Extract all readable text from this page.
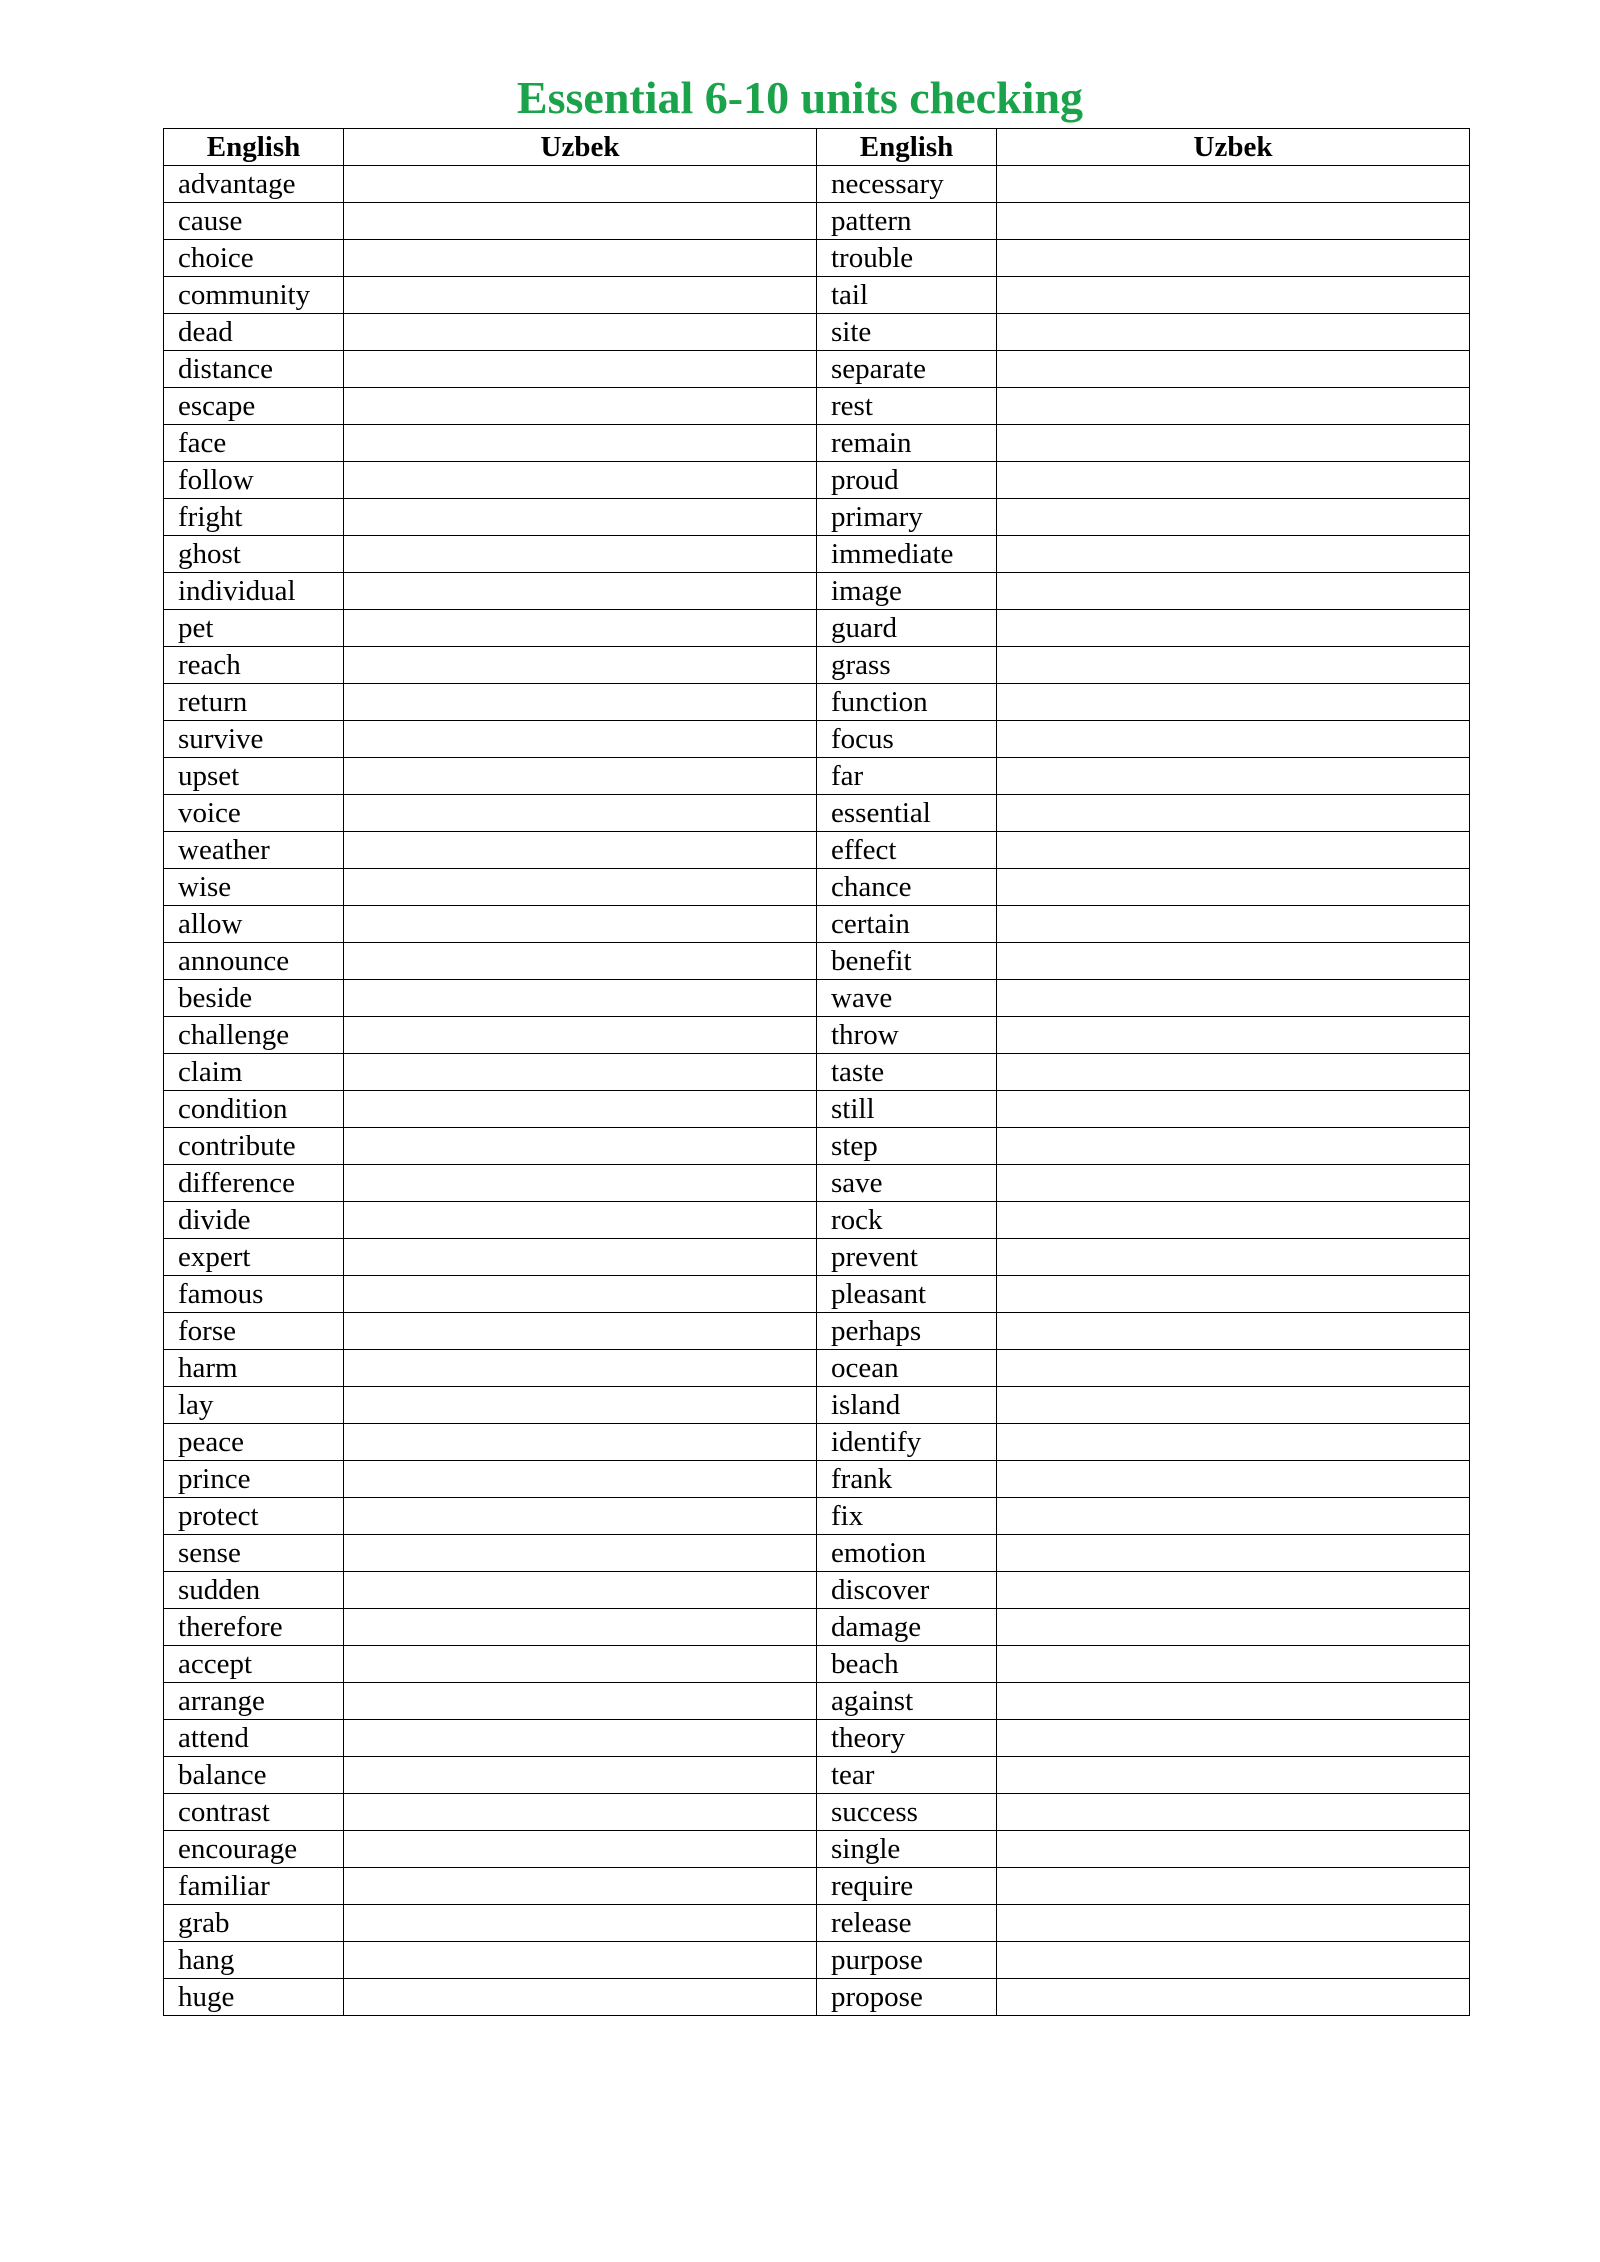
Essential 6-10 units checking
English	Uzbek	English	Uzbek
advantage		necessary	
cause		pattern	
choice		trouble	
community		tail	
dead		site	
distance		separate	
escape		rest	
face		remain	
follow		proud	
fright		primary	
ghost		immediate	
individual		image	
pet		guard	
reach		grass	
return		function	
survive		focus	
upset		far	
voice		essential	
weather		effect	
wise		chance	
allow		certain	
announce		benefit	
beside		wave	
challenge		throw	
claim		taste	
condition		still	
contribute		step	
difference		save	
divide		rock	
expert		prevent	
famous		pleasant	
forse		perhaps	
harm		ocean	
lay		island	
peace		identify	
prince		frank	
protect		fix	
sense		emotion	
sudden		discover	
therefore		damage	
accept		beach	
arrange		against	
attend		theory	
balance		tear	
contrast		success	
encourage		single	
familiar		require	
grab		release	
hang		purpose	
huge		propose	
